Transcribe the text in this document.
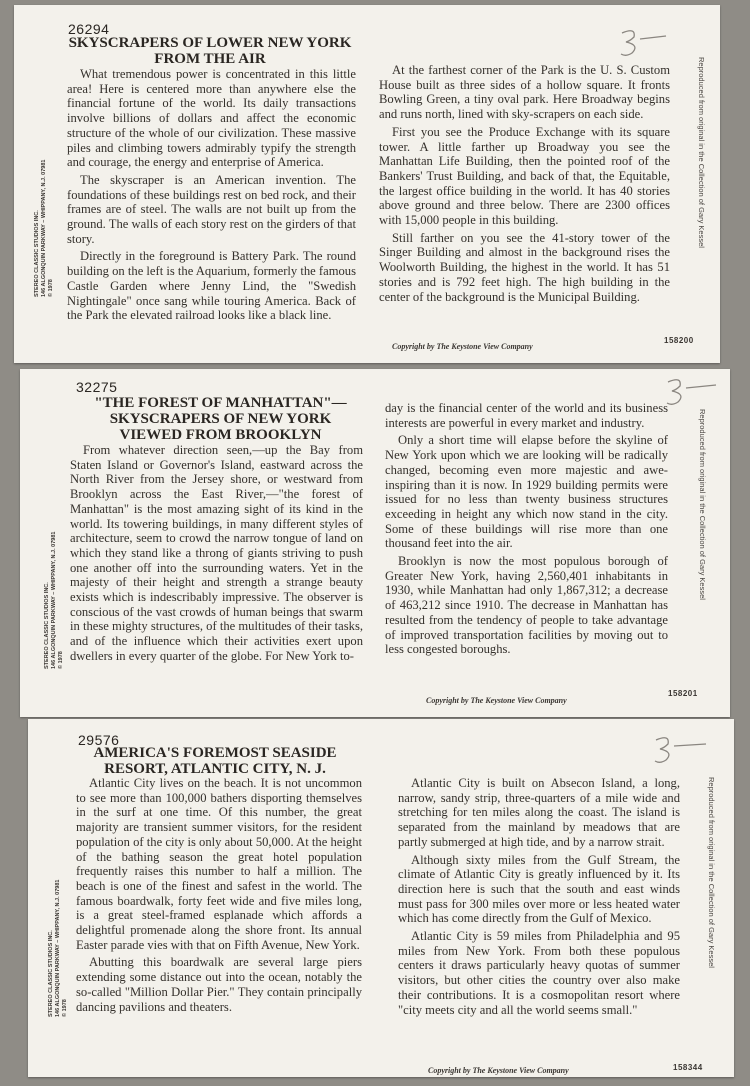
26294
SKYSCRAPERS OF LOWER NEW YORK
FROM THE AIR
STEREO CLASSIC STUDIOS INC. 146 ALGONQUIN PARKWAY – WHIPPANY, N.J. 07981 © 1978

What tremendous power is concentrated in this little area! Here is centered more than anywhere else the financial fortune of the world. Its daily transactions involve billions of dollars and affect the economic structure of the whole of our civilization. These massive piles and climbing towers admirably typify the strength and courage, the energy and enterprise of America.

The skyscraper is an American invention. The foundations of these buildings rest on bed rock, and their frames are of steel. The walls are not built up from the ground. The walls of each story rest on the girders of that story.

Directly in the foreground is Battery Park. The round building on the left is the Aquarium, formerly the famous Castle Garden where Jenny Lind, the "Swedish Nightingale" once sang while touring America. Back of the Park the elevated railroad looks like a black line.

At the farthest corner of the Park is the U. S. Custom House built as three sides of a hollow square. It fronts Bowling Green, a tiny oval park. Here Broadway begins and runs north, lined with sky-scrapers on each side.

First you see the Produce Exchange with its square tower. A little farther up Broadway you see the Manhattan Life Building, then the pointed roof of the Bankers' Trust Building, and back of that, the Equitable, the largest office building in the world. It has 40 stories above ground and three below. There are 2300 offices with 15,000 people in this building.

Still farther on you see the 41-story tower of the Singer Building and almost in the background rises the Woolworth Building, the highest in the world. It has 51 stories and is 792 feet high. The high building in the center of the background is the Municipal Building.

Copyright by The Keystone View Company
158200
Reproduced from original in the Collection of Gary Kessel
32275
"THE FOREST OF MANHATTAN"—
SKYSCRAPERS OF NEW YORK
VIEWED FROM BROOKLYN
STEREO CLASSIC STUDIOS INC. 146 ALGONQUIN PARKWAY – WHIPPANY, N.J. 07981 © 1978

From whatever direction seen,—up the Bay from Staten Island or Governor's Island, eastward across the North River from the Jersey shore, or westward from Brooklyn across the East River,—"the forest of Manhattan" is the most amazing sight of its kind in the world. Its towering buildings, in many different styles of architecture, seem to crowd the narrow tongue of land on which they stand like a throng of giants striving to push one another off into the surrounding waters. Yet in the majesty of their height and strength a strange beauty exists which is indescribably impressive. The observer is conscious of the vast crowds of human beings that swarm in these mighty structures, of the multitudes of their tasks, and of the influence which their activities exert upon dwellers in every quarter of the globe. For New York to-

day is the financial center of the world and its business interests are powerful in every market and industry.

Only a short time will elapse before the skyline of New York upon which we are looking will be radically changed, becoming even more majestic and awe-inspiring than it is now. In 1929 building permits were issued for no less than twenty business structures exceeding in height any which now stand in the city. Some of these buildings will rise more than one thousand feet into the air.

Brooklyn is now the most populous borough of Greater New York, having 2,560,401 inhabitants in 1930, while Manhattan had only 1,867,312; a decrease of 463,212 since 1910. The decrease in Manhattan has resulted from the tendency of people to take advantage of improved transportation facilities by moving out to less congested boroughs.

Copyright by The Keystone View Company
158201
Reproduced from original in the Collection of Gary Kessel
29576
AMERICA'S FOREMOST SEASIDE
RESORT, ATLANTIC CITY, N. J.
STEREO CLASSIC STUDIOS INC. 146 ALGONQUIN PARKWAY – WHIPPANY, N.J. 07981 © 1978

Atlantic City lives on the beach. It is not uncommon to see more than 100,000 bathers disporting themselves in the surf at one time. Of this number, the great majority are transient summer visitors, for the resident population of the city is only about 50,000. At the height of the bathing season the great hotel population frequently raises this number to half a million. The beach is one of the finest and safest in the world. The famous boardwalk, forty feet wide and five miles long, is a great steel-framed esplanade which affords a delightful promenade along the shore front. Its annual Easter parade vies with that on Fifth Avenue, New York.

Abutting this boardwalk are several large piers extending some distance out into the ocean, notably the so-called "Million Dollar Pier." They contain principally dancing pavilions and theaters.

Atlantic City is built on Absecon Island, a long, narrow, sandy strip, three-quarters of a mile wide and stretching for ten miles along the coast. The island is separated from the mainland by meadows that are partly submerged at high tide, and by a narrow strait.

Although sixty miles from the Gulf Stream, the climate of Atlantic City is greatly influenced by it. Its direction here is such that the south and east winds must pass for 300 miles over more or less heated water which has come directly from the Gulf of Mexico.

Atlantic City is 59 miles from Philadelphia and 95 miles from New York. From both these populous centers it draws particularly heavy quotas of summer visitors, but other cities the country over also make their contributions. It is a cosmopolitan resort where "city meets city and all the world seems small."

Copyright by The Keystone View Company	158344
Reproduced from original in the Collection of Gary Kessel
